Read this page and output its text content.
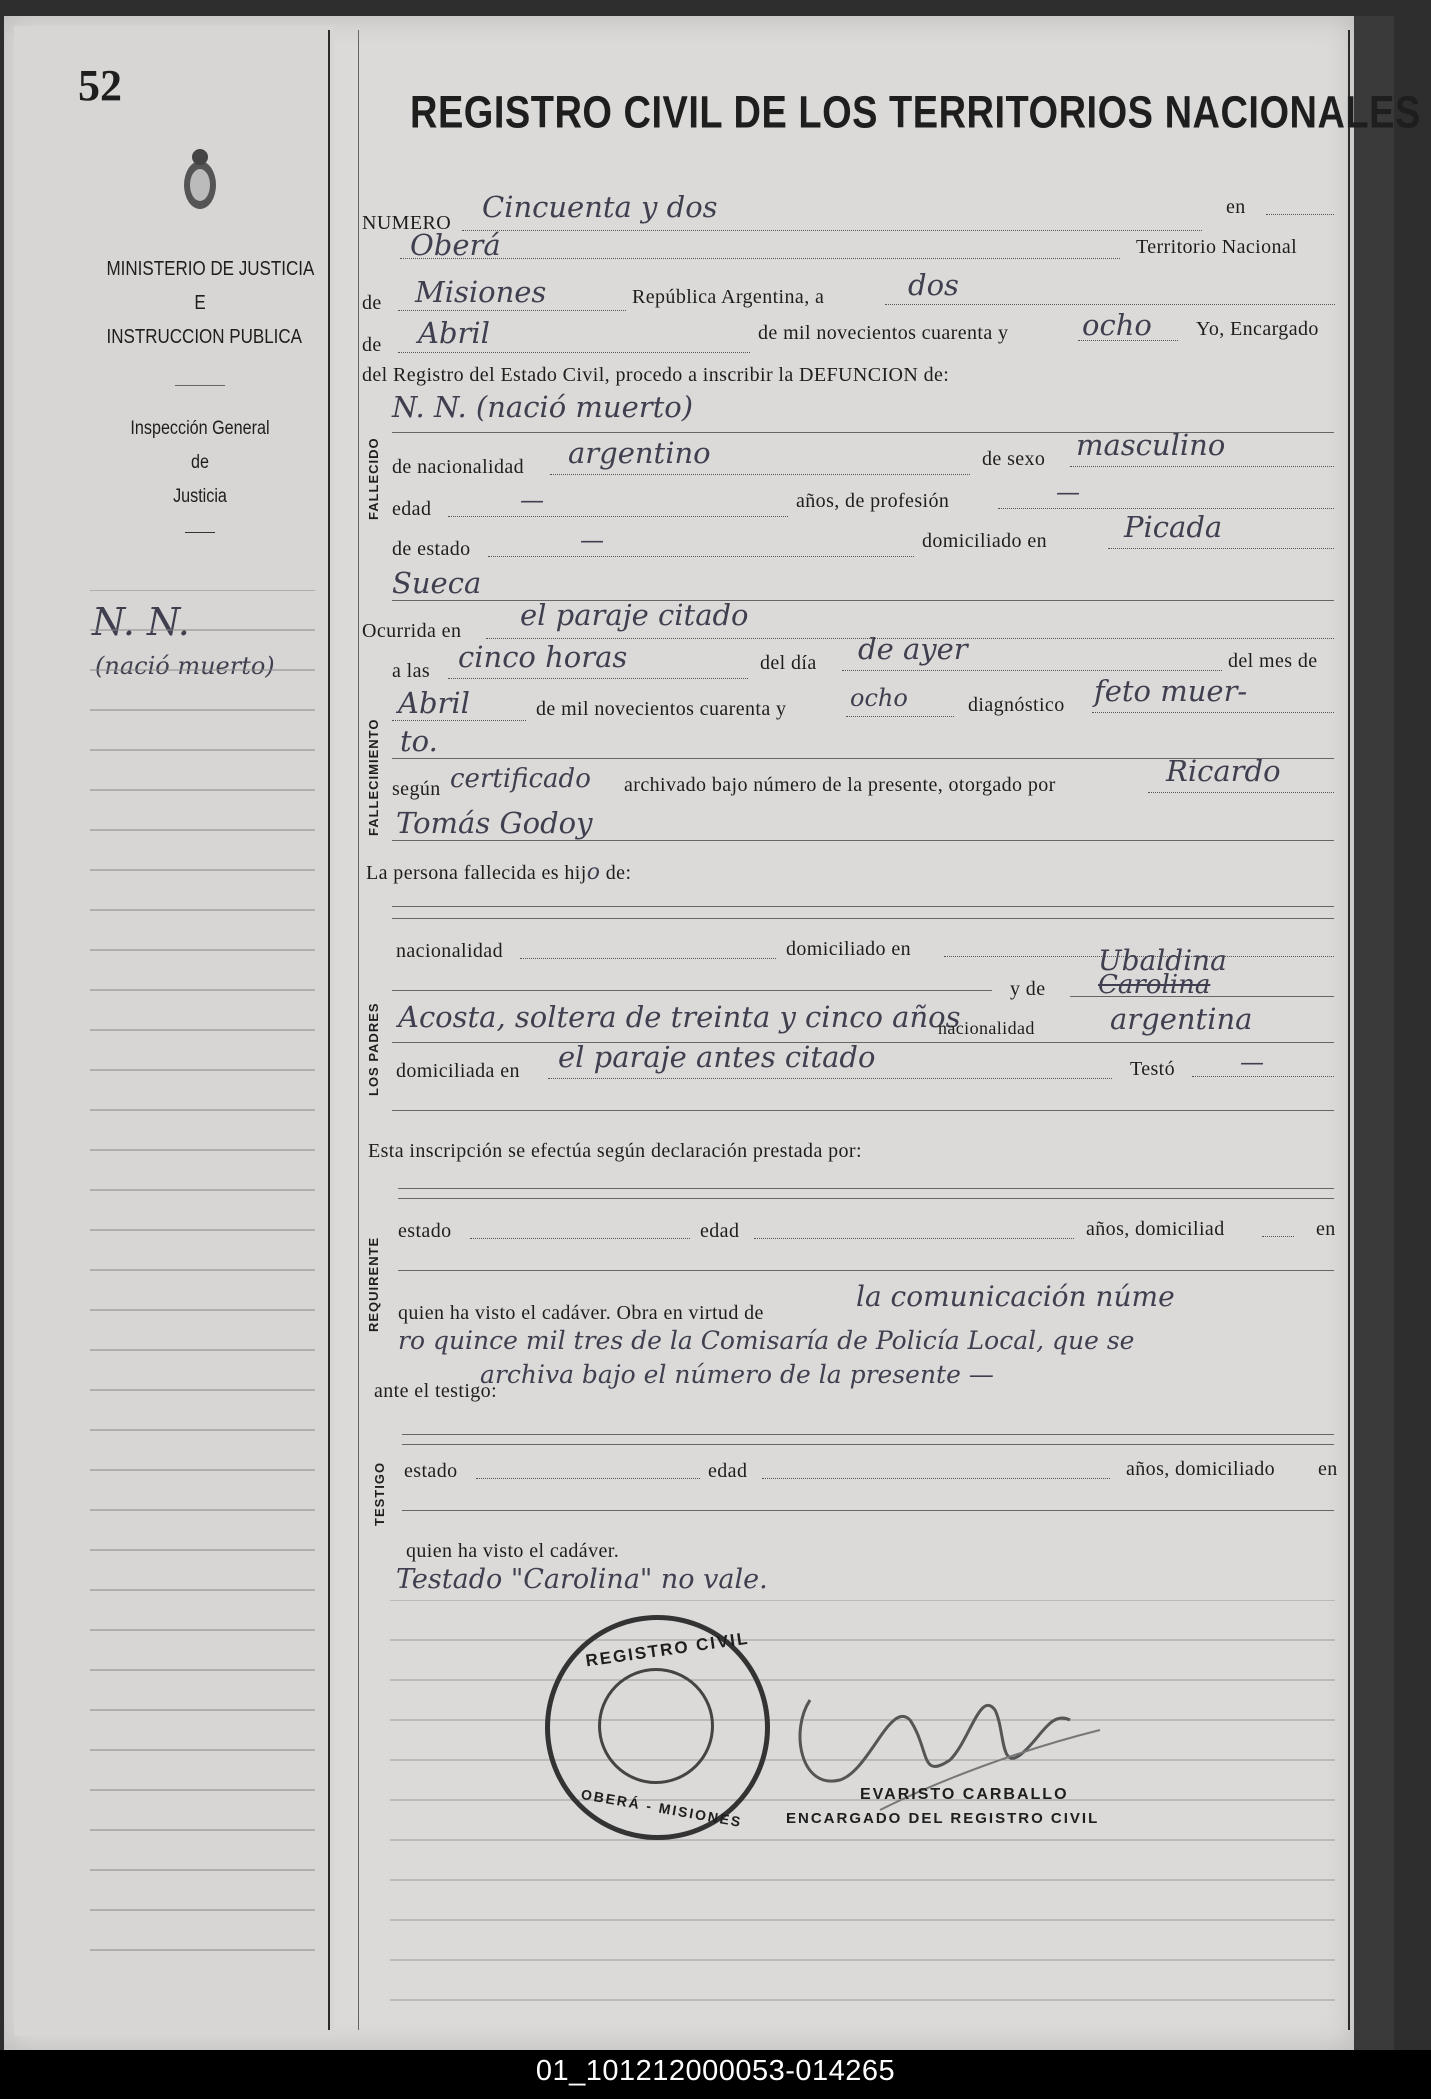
52
MINISTERIO DE JUSTICIA
E
INSTRUCCION PUBLICA
Inspección General
de
Justicia
N. N.
(nació muerto)
REGISTRO CIVIL DE LOS TERRITORIOS NACIONALES
NUMERO Cincuenta y dos	en
Oberá	Territorio Nacional
de Misiones	República Argentina, a	dos
de Abril	de mil novecientos cuarenta y	ocho Yo, Encargado
del Registro del Estado Civil, procedo a inscribir la DEFUNCION de:
FALLECIDO
N. N. (nació muerto)
de nacionalidad argentino	de sexo masculino
edad	—	años, de profesión	—
de estado	—	domiciliado en	Picada
Sueca
Ocurrida en el paraje citado
FALLECIMIENTO
a las cinco horas	del día de ayer	del mes de
Abril	de mil novecientos cuarenta y	ocho	diagnóstico feto muer-
to.
según certificado archivado bajo número de la presente, otorgado por	Ricardo
Tomás Godoy
La persona fallecida es hijo de:
LOS PADRES
nacionalidad	domiciliado en
y de
Ubaldina
Carolina
Acosta, soltera de treinta y cinco años
nacionalidad	argentina
domiciliada en el paraje antes citado	Testó	—
Esta inscripción se efectúa según declaración prestada por:
REQUIRENTE
estado	edad	años, domiciliad	en
quien ha visto el cadáver. Obra en virtud de	la comunicación núme
ro quince mil tres de la Comisaría de Policía Local, que se
archiva bajo el número de la presente —
ante el testigo:
TESTIGO estado	edad	años, domiciliado en
quien ha visto el cadáver.
Testado "Carolina" no vale.
REGISTRO CIVIL
OBERÁ - MISIONES	EVARISTO CARBALLO
ENCARGADO DEL REGISTRO CIVIL
01_101212000053-014265
